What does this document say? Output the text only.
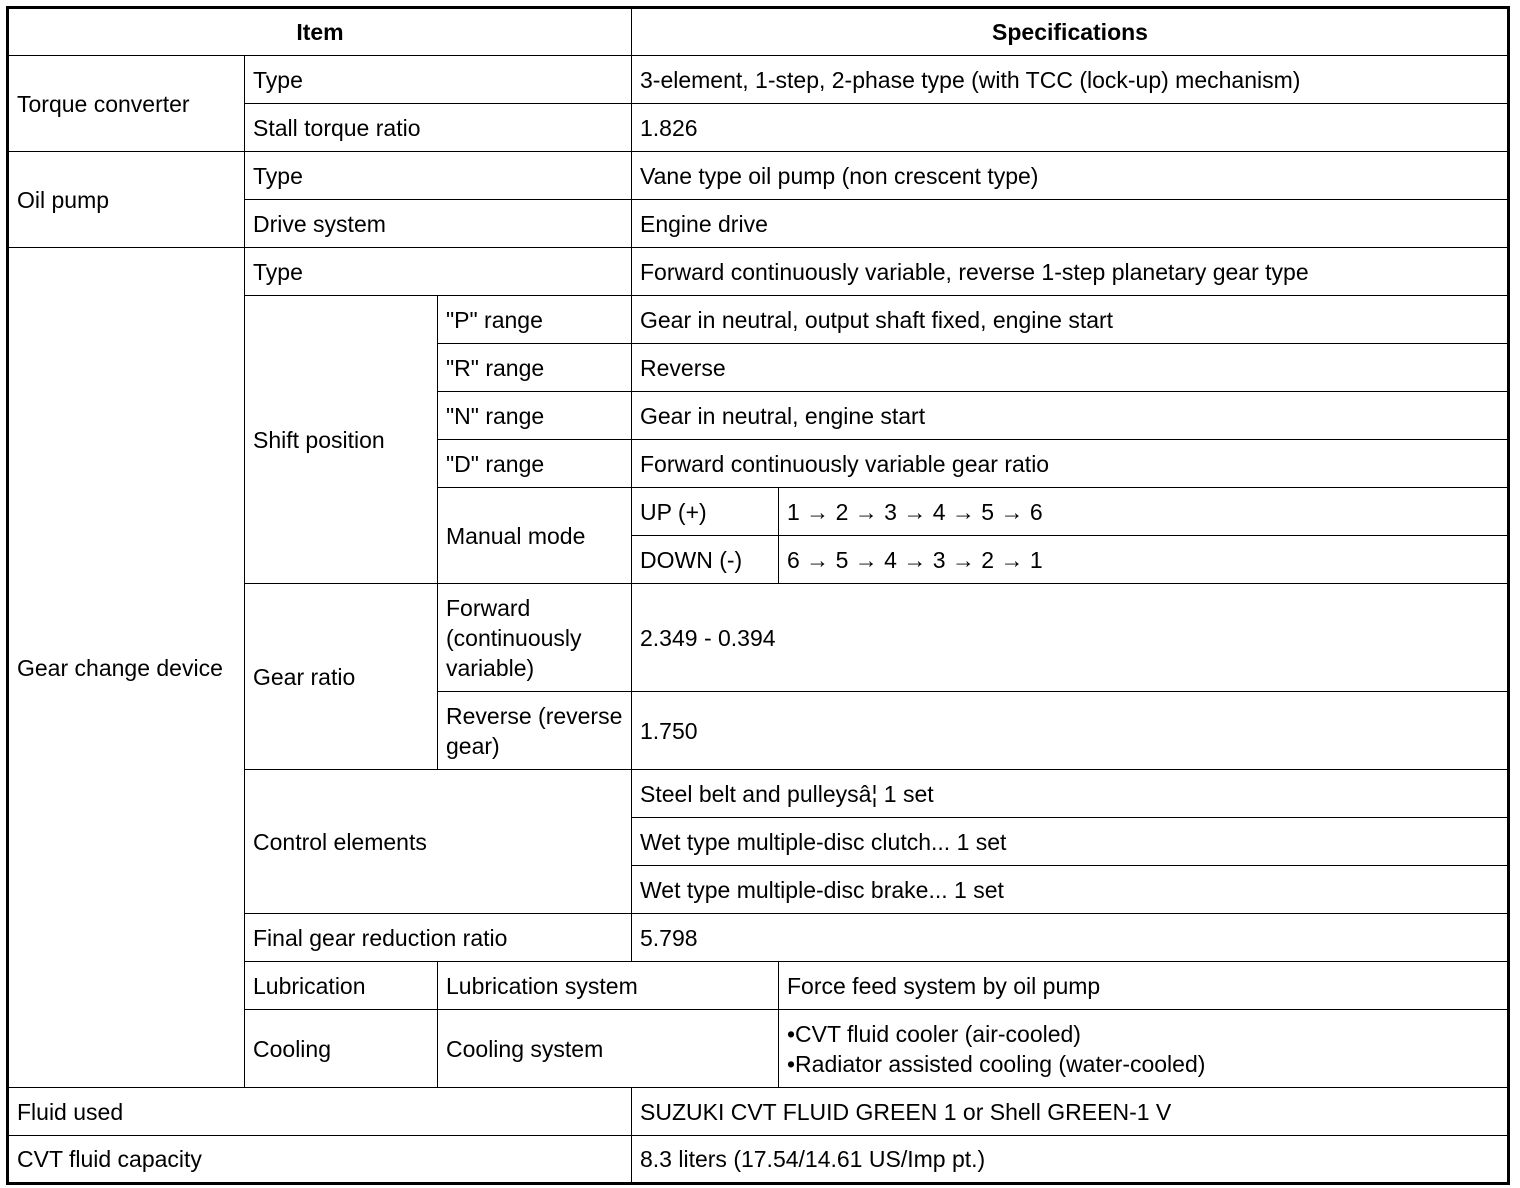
Item			Specifications	
Torque converter	Type		3-element, 1-step, 2-phase type (with TCC (lock-up) mechanism)	
	Stall torque ratio		1.826	
Oil pump	Type		Vane type oil pump (non crescent type)	
	Drive system		Engine drive	
Gear change device	Type		Forward continuously variable, reverse 1-step planetary gear type	
	Shift position	"P" range	Gear in neutral, output shaft fixed, engine start	
		"R" range	Reverse	
		"N" range	Gear in neutral, engine start	
		"D" range	Forward continuously variable gear ratio	
		Manual mode	UP (+)	1 → 2 → 3 → 4 → 5 → 6
			DOWN (-)	6 → 5 → 4 → 3 → 2 → 1
	Gear ratio	Forward (continuously variable)	2.349 - 0.394	
		Reverse (reverse gear)	1.750	
	Control elements		Steel belt and pulleysâ¦ 1 set	
			Wet type multiple-disc clutch... 1 set	
			Wet type multiple-disc brake... 1 set	
	Final gear reduction ratio		5.798	
	Lubrication	Lubrication system		Force feed system by oil pump
	Cooling	Cooling system		•CVT fluid cooler (air-cooled)
•Radiator assisted cooling (water-cooled)

Fluid used			SUZUKI CVT FLUID GREEN 1 or Shell GREEN-1 V	
CVT fluid capacity			8.3 liters (17.54/14.61 US/Imp pt.)	
